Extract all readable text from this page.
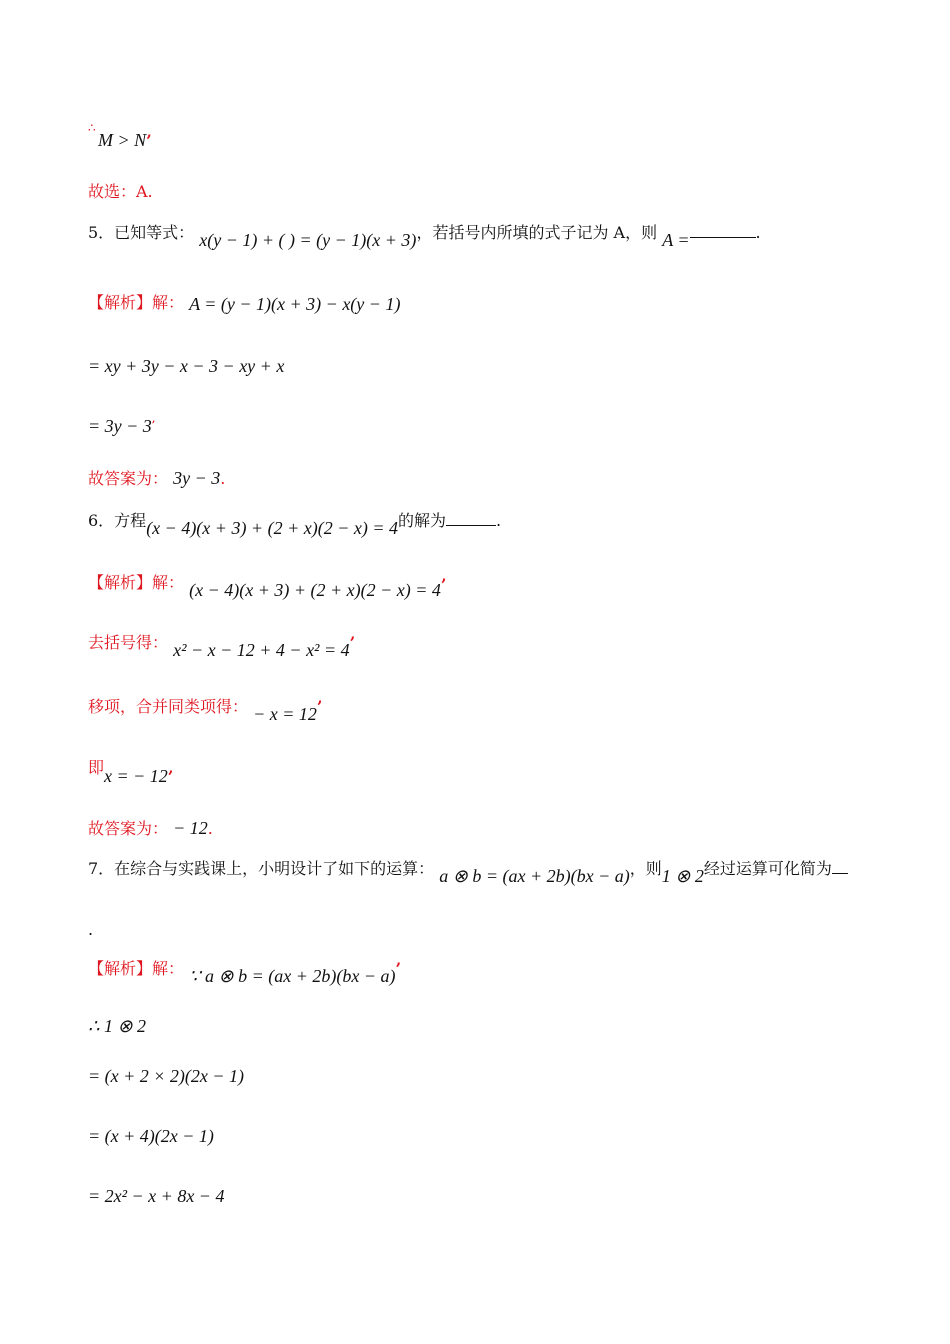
∴
M > N’
故选：A.
5．已知等式： x(y − 1) + ( ) = (y − 1)(x + 3)，若括号内所填的式子记为 A，则 A =	.
【解析】解： A = (y − 1)(x + 3) − x(y − 1)
= xy + 3y − x − 3 − xy + x
= 3y − 3’
故答案为： 3y − 3.
6．方程(x − 4)(x + 3) + (2 + x)(2 − x) = 4的解为	.
【解析】解： (x − 4)(x + 3) + (2 + x)(2 − x) = 4’
去括号得： x² − x − 12 + 4 − x² = 4’
移项，合并同类项得： − x = 12’
即 x = − 12’
故答案为： − 12.
7．在综合与实践课上，小明设计了如下的运算： a ⊗ b = (ax + 2b)(bx − a)，则1 ⊗ 2经过运算可化简为
.
【解析】解： ∵ a ⊗ b = (ax + 2b)(bx − a)’
∴ 1 ⊗ 2
= (x + 2 × 2)(2x − 1)
= (x + 4)(2x − 1)
= 2x² − x + 8x − 4
